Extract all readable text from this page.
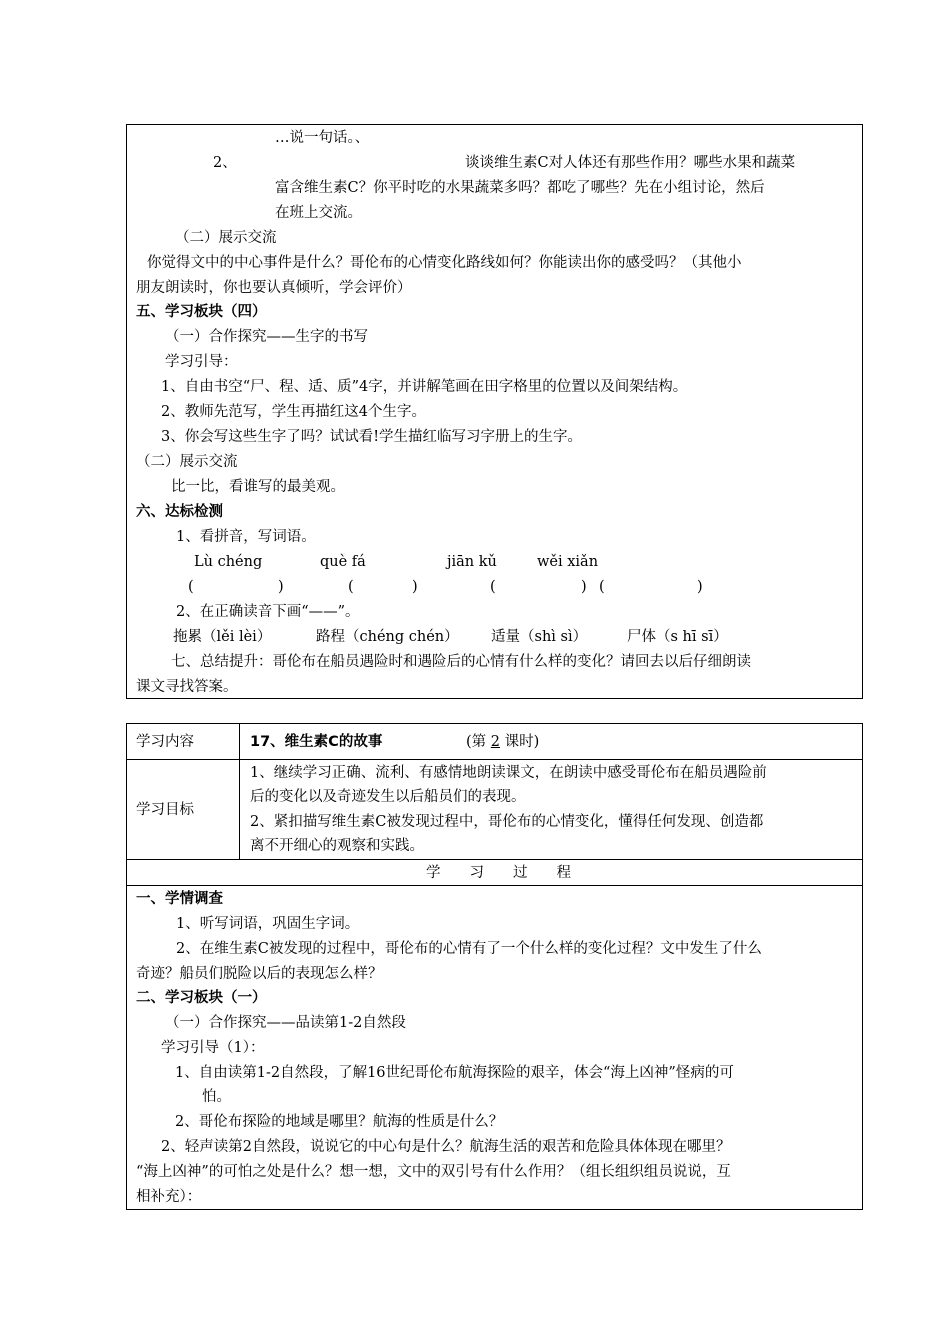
…说一句话。、
2、	谈谈维生素C对人体还有那些作用？哪些水果和蔬菜
富含维生素C？你平时吃的水果蔬菜多吗？都吃了哪些？先在小组讨论，然后
在班上交流。
（二）展示交流
你觉得文中的中心事件是什么？哥伦布的心情变化路线如何？你能读出你的感受吗？（其他小
朋友朗读时，你也要认真倾听，学会评价）
五、学习板块（四）
（一）合作探究——生字的书写
学习引导：
1、自由书空“尸、程、适、质”4字，并讲解笔画在田字格里的位置以及间架结构。
2、教师先范写，学生再描红这4个生字。
3、你会写这些生字了吗？试试看!学生描红临写习字册上的生字。
（二）展示交流
比一比，看谁写的最美观。
六、达标检测
1、看拼音，写词语。
Lù chéng	què fá	jiān kǔ	wěi xiǎn
(	)	(	)	(	) (	)
2、在正确读音下画“——”。
拖累（lěi lèi）	路程（chéng chén） 适量（shì sì）	尸体（s hī sī）
七、总结提升：哥伦布在船员遇险时和遇险后的心情有什么样的变化？请回去以后仔细朗读
课文寻找答案。
学习内容	17、维生素C的故事	(第 2 课时)
学习目标
1、继续学习正确、流利、有感情地朗读课文，在朗读中感受哥伦布在船员遇险前
后的变化以及奇迹发生以后船员们的表现。
2、紧扣描写维生素C被发现过程中，哥伦布的心情变化，懂得任何发现、创造都
离不开细心的观察和实践。
学　　习　　过　　程
一、学情调查
1、听写词语，巩固生字词。
2、在维生素C被发现的过程中，哥伦布的心情有了一个什么样的变化过程？文中发生了什么
奇迹？船员们脱险以后的表现怎么样？
二、学习板块（一）
（一）合作探究——品读第1-2自然段
学习引导（1）：
1、自由读第1-2自然段，了解16世纪哥伦布航海探险的艰辛，体会“海上凶神”怪病的可
怕。
2、哥伦布探险的地域是哪里？航海的性质是什么？
2、轻声读第2自然段，说说它的中心句是什么？航海生活的艰苦和危险具体体现在哪里？
“海上凶神”的可怕之处是什么？想一想，文中的双引号有什么作用？（组长组织组员说说，互
相补充）：
